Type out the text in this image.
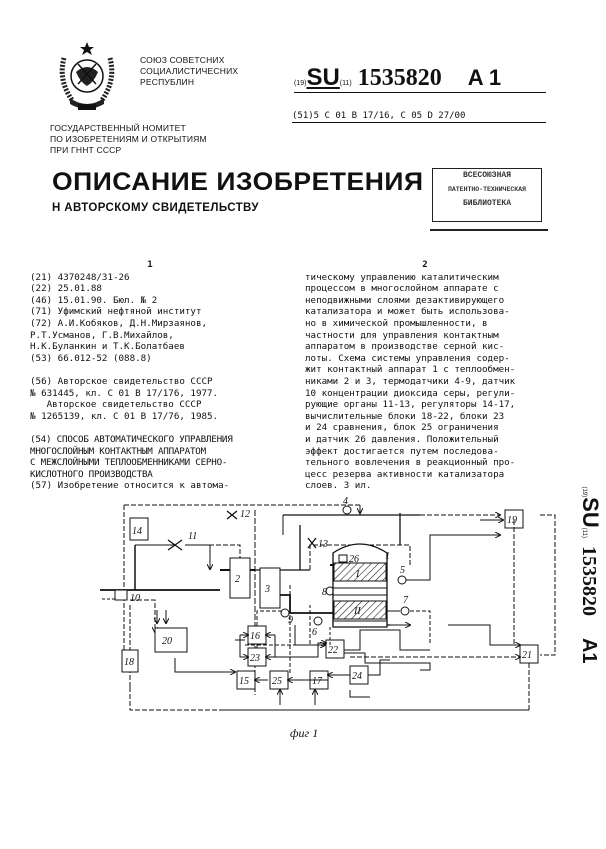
СОЮЗ СОВЕТСНИХ
СОЦИАЛИСТИЧЕСНИХ
РЕСПУБЛИН
ГОСУДАРСТВЕННЫЙ НОМИТЕТ
ПО ИЗОБРЕТЕНИЯМ И ОТКРЫТИЯМ
ПРИ ГННТ СССР
(19)SU(11) 1535820 A 1
(51)5 C 01 B 17/16, C 05 D 27/00
ОПИСАНИЕ ИЗОБРЕТЕНИЯ
Н АВТОРСКОМУ СВИДЕТЕЛЬСТВУ
ВСЕСОЮЗНАЯ
ПАТЕНТНО-ТЕХНИЧЕСКАЯ
БИБЛИОТЕКА
1
(21) 4370248/31-26
(22) 25.01.88
(46) 15.01.90. Бюл. № 2
(71) Уфимский нефтяной институт
(72) А.И.Кобяков, Д.Н.Мирзаянов,
Р.Т.Усманов, Г.В.Михайлов,
Н.К.Буланкин и Т.К.Болатбаев
(53) 66.012-52 (088.8)
(56) Авторское свидетельство СССР
№ 631445, кл. С 01 В 17/176, 1977.
Авторское свидетельство СССР
№ 1265139, кл. С 01 В 17/76, 1985.
(54) СПОСОБ АВТОМАТИЧЕСКОГО УПРАВЛЕНИЯ
МНОГОСЛОЙНЫМ КОНТАКТНЫМ АППАРАТОМ
С МЕЖСЛОЙНЫМИ ТЕПЛООБМЕННИКАМИ СЕРНО-
КИСЛОТНОГО ПРОИЗВОДСТВА
(57) Изобретение относится к автома-
2
тическому управлению каталитическим
процессом в многослойном аппарате с
неподвижными слоями дезактивирующего
катализатора и может быть использова-
но в химической промышленности, в
частности для управления контактным
аппаратом в производстве серной кис-
лоты. Схема системы управления содер-
жит контактный аппарат 1 с теплообмен-
никами 2 и 3, термодатчики 4-9, датчик
10 концентрации диоксида серы, регули-
рующие органы 11-13, регуляторы 14-17,
вычислительные блоки 18-22, блоки 23
и 24 сравнения, блок 25 ограничения
и датчик 26 давления. Положительный
эффект достигается путем последова-
тельного вовлечения в реакционный про-
цесс резерва активности катализатора
слоев. 3 ил.
(19)SU(11)1535820A1
14
2
3
20
18
16
23
22	21
19
15 25	17	24
10
11
12
13
4
5
7
6
9
8
26	1
I
II
фиг 1
